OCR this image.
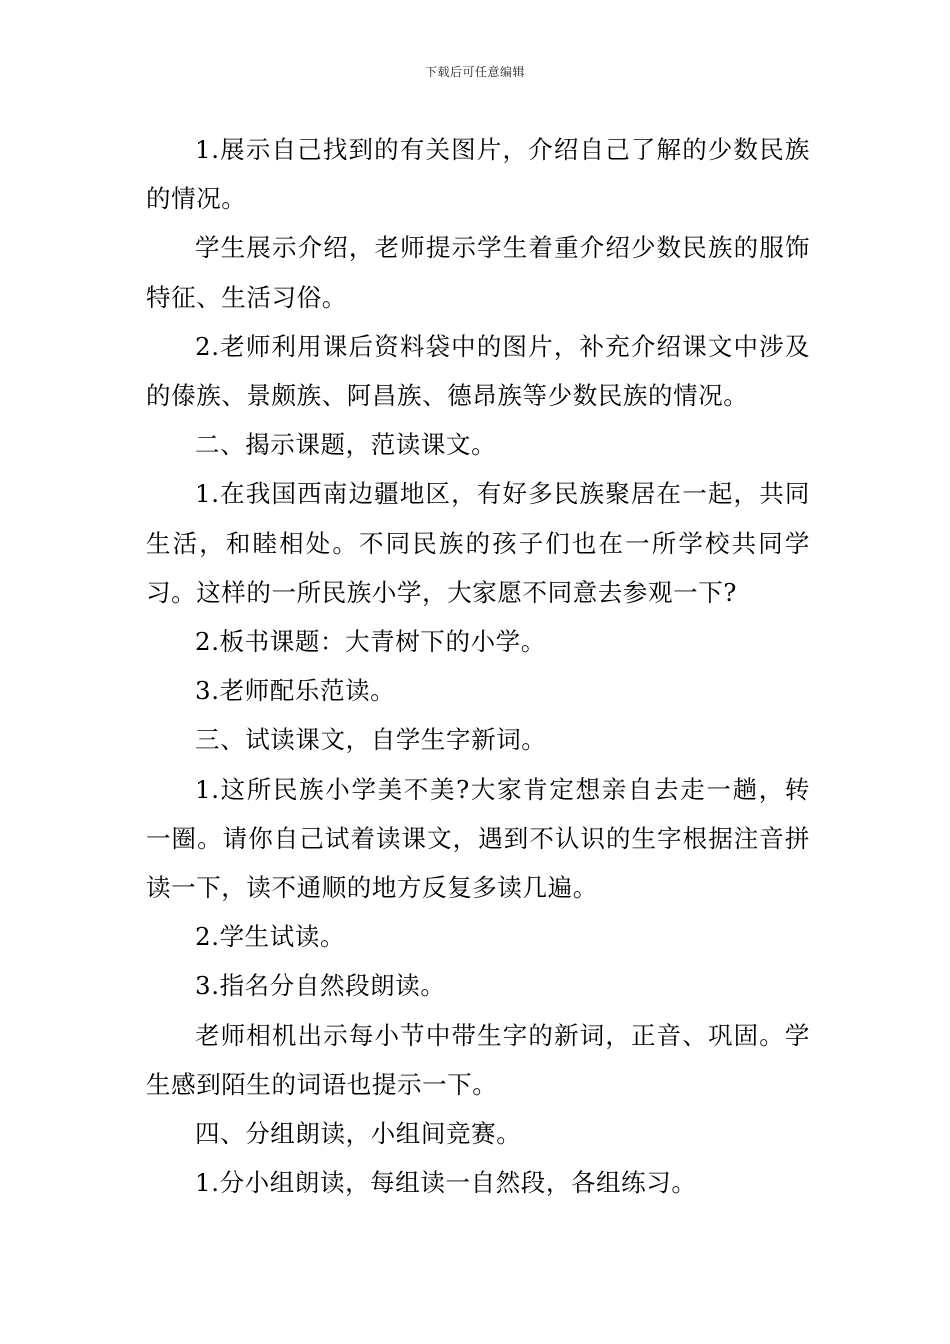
下载后可任意编辑

1.展示自己找到的有关图片，介绍自己了解的少数民族的情况。

学生展示介绍，老师提示学生着重介绍少数民族的服饰特征、生活习俗。

2.老师利用课后资料袋中的图片，补充介绍课文中涉及的傣族、景颇族、阿昌族、德昂族等少数民族的情况。

二、揭示课题，范读课文。

1.在我国西南边疆地区，有好多民族聚居在一起，共同生活，和睦相处。不同民族的孩子们也在一所学校共同学习。这样的一所民族小学，大家愿不同意去参观一下?

2.板书课题：大青树下的小学。

3.老师配乐范读。

三、试读课文，自学生字新词。

1.这所民族小学美不美?大家肯定想亲自去走一趟，转一圈。请你自己试着读课文，遇到不认识的生字根据注音拼读一下，读不通顺的地方反复多读几遍。

2.学生试读。

3.指名分自然段朗读。

老师相机出示每小节中带生字的新词，正音、巩固。学生感到陌生的词语也提示一下。

四、分组朗读，小组间竞赛。

1.分小组朗读，每组读一自然段，各组练习。
